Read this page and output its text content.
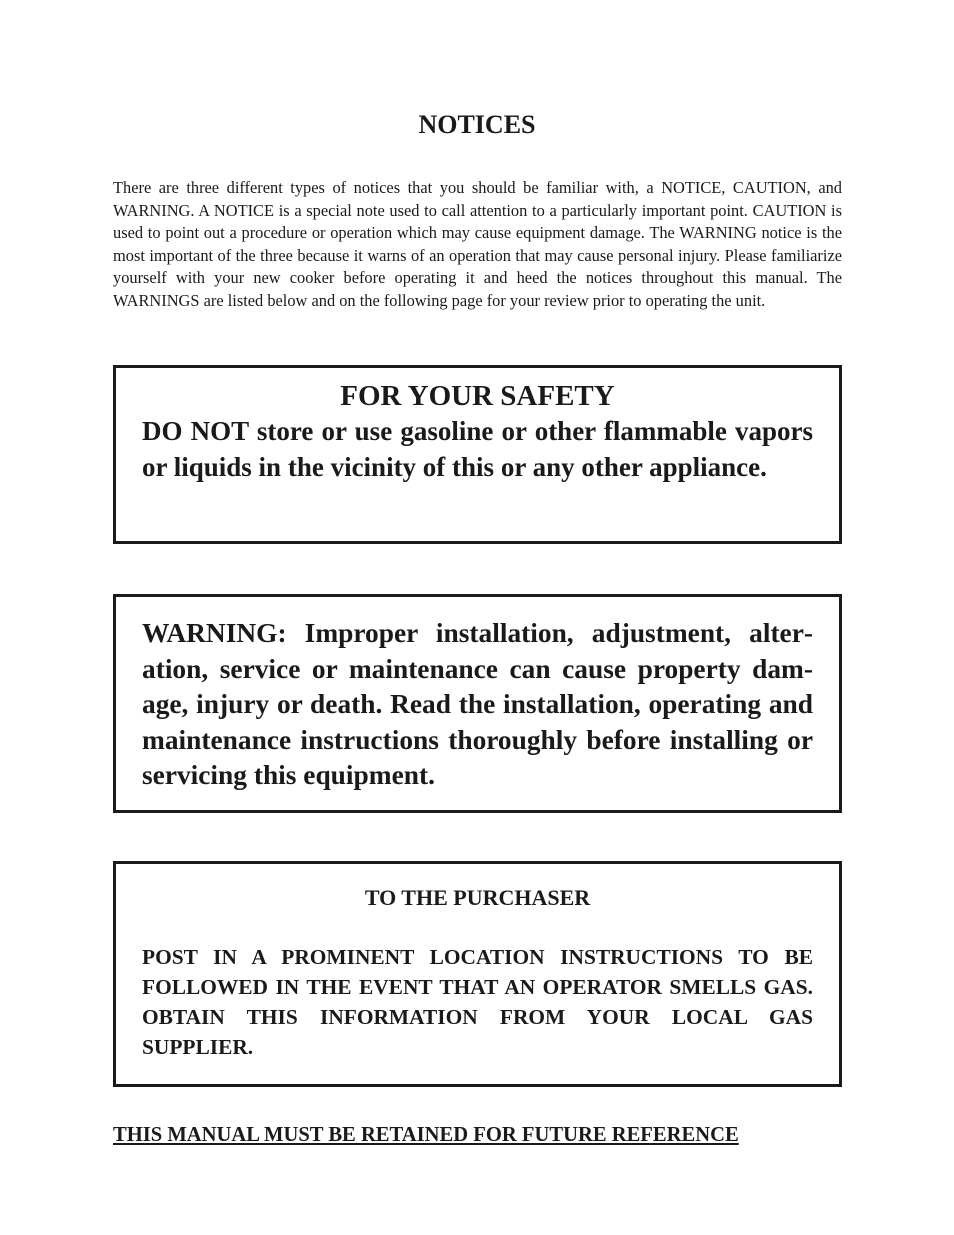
NOTICES

There are three different types of notices that you should be familiar with, a NOTICE, CAUTION, and WARNING. A NOTICE is a special note used to call attention to a particularly important point. CAUTION is used to point out a procedure or operation which may cause equipment damage. The WARNING notice is the most important of the three because it warns of an operation that may cause personal injury. Please familiarize yourself with your new cooker before operating it and heed the notices throughout this manual. The WARNINGS are listed below and on the following page for your review prior to operating the unit.

FOR YOUR SAFETY

DO NOT store or use gasoline or other flammable vapors or liquids in the vicinity of this or any other appliance.

WARNING: Improper installation, adjustment, alteration, service or maintenance can cause property damage, injury or death. Read the installation, operating and maintenance instructions thoroughly before installing or servicing this equipment.

TO THE PURCHASER

POST IN A PROMINENT LOCATION INSTRUCTIONS TO BE FOLLOWED IN THE EVENT THAT AN OPERATOR SMELLS GAS. OBTAIN THIS INFORMATION FROM YOUR LOCAL GAS SUPPLIER.

THIS MANUAL MUST BE RETAINED FOR FUTURE REFERENCE
